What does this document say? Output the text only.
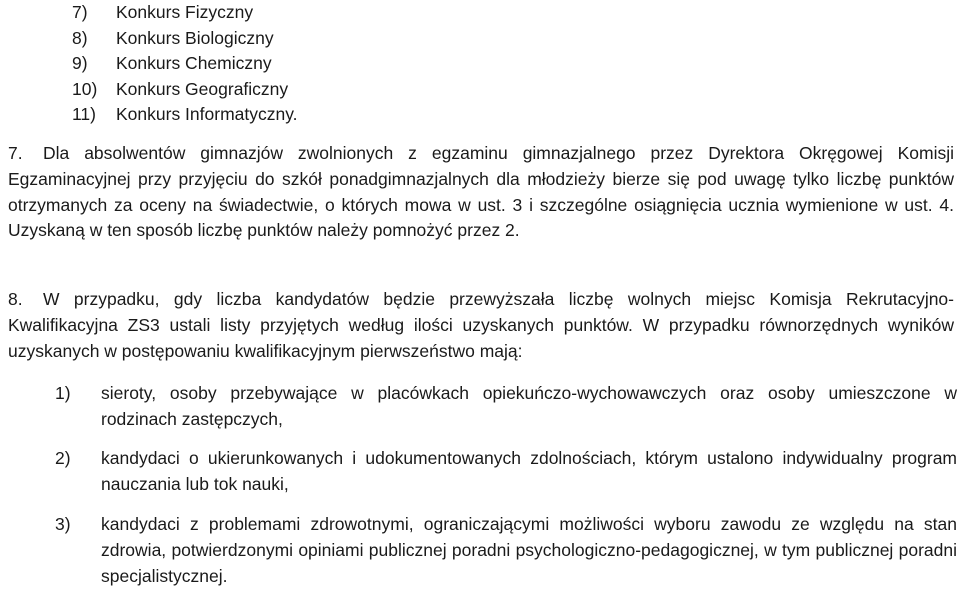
7) Konkurs Fizyczny
8) Konkurs Biologiczny
9) Konkurs Chemiczny
10) Konkurs Geograficzny
11) Konkurs Informatyczny.
7. Dla absolwentów gimnazjów zwolnionych z egzaminu gimnazjalnego przez Dyrektora Okręgowej Komisji Egzaminacyjnej przy przyjęciu do szkół ponadgimnazjalnych dla młodzieży bierze się pod uwagę tylko liczbę punktów otrzymanych za oceny na świadectwie, o których mowa w ust. 3 i szczególne osiągnięcia ucznia wymienione w ust. 4. Uzyskaną w ten sposób liczbę punktów należy pomnożyć przez 2.
8. W przypadku, gdy liczba kandydatów będzie przewyższała liczbę wolnych miejsc Komisja Rekrutacyjno-Kwalifikacyjna ZS3 ustali listy przyjętych według ilości uzyskanych punktów. W przypadku równorzędnych wyników uzyskanych w postępowaniu kwalifikacyjnym pierwszeństwo mają:
1) sieroty, osoby przebywające w placówkach opiekuńczo-wychowawczych oraz osoby umieszczone w rodzinach zastępczych,
2) kandydaci o ukierunkowanych i udokumentowanych zdolnościach, którym ustalono indywidualny program nauczania lub tok nauki,
3) kandydaci z problemami zdrowotnymi, ograniczającymi możliwości wyboru zawodu ze względu na stan zdrowia, potwierdzonymi opiniami publicznej poradni psychologiczno-pedagogicznej, w tym publicznej poradni specjalistycznej.
